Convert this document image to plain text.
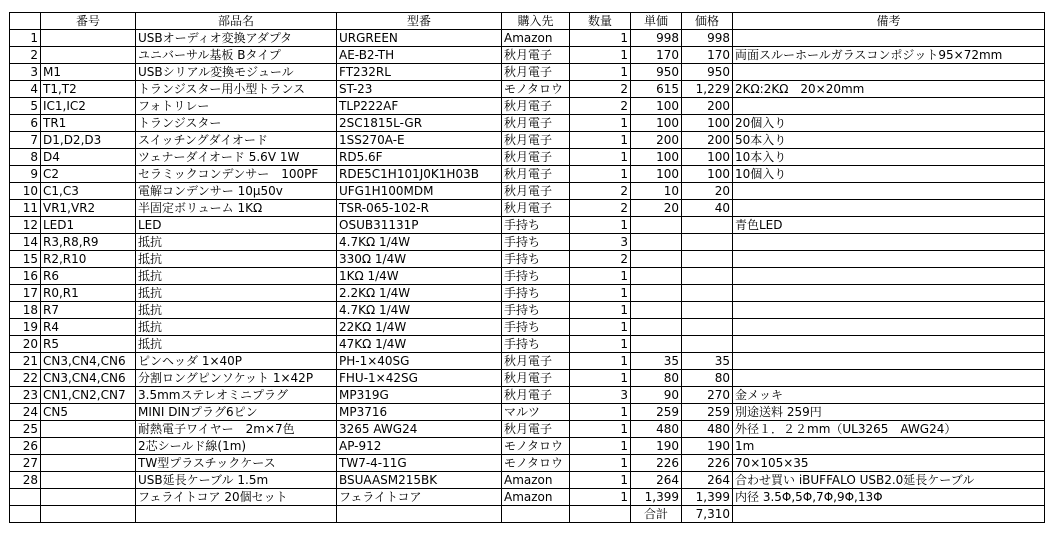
	番号	部品名	型番	購入先	数量	単価	価格	備考
1		USBオーディオ変換アダプタ	URGREEN	Amazon	1	998	998	
2		ユニバーサル基板 Bタイプ	AE-B2-TH	秋月電子	1	170	170	両面スルーホールガラスコンポジット95×72mm
3	M1	USBシリアル変換モジュール	FT232RL	秋月電子	1	950	950	
4	T1,T2	トランジスター用小型トランス	ST-23	モノタロウ	2	615	1,229	2KΩ:2KΩ　20×20mm
5	IC1,IC2	フォトリレー	TLP222AF	秋月電子	2	100	200	
6	TR1	トランジスター	2SC1815L-GR	秋月電子	1	100	100	20個入り
7	D1,D2,D3	スイッチングダイオード	1SS270A-E	秋月電子	1	200	200	50本入り
8	D4	ツェナーダイオード 5.6V 1W	RD5.6F	秋月電子	1	100	100	10本入り
9	C2	セラミックコンデンサー　100PF	RDE5C1H101J0K1H03B	秋月電子	1	100	100	10個入り
10	C1,C3	電解コンデンサー 10μ50v	UFG1H100MDM	秋月電子	2	10	20	
11	VR1,VR2	半固定ボリューム 1KΩ	TSR-065-102-R	秋月電子	2	20	40	
12	LED1	LED	OSUB31131P	手持ち	1			青色LED
14	R3,R8,R9	抵抗	4.7KΩ 1/4W	手持ち	3			
15	R2,R10	抵抗	330Ω 1/4W	手持ち	2			
16	R6	抵抗	1KΩ 1/4W	手持ち	1			
17	R0,R1	抵抗	2.2KΩ 1/4W	手持ち	1			
18	R7	抵抗	4.7KΩ 1/4W	手持ち	1			
19	R4	抵抗	22KΩ 1/4W	手持ち	1			
20	R5	抵抗	47KΩ 1/4W	手持ち	1			
21	CN3,CN4,CN6	ピンヘッダ 1×40P	PH-1×40SG	秋月電子	1	35	35	
22	CN3,CN4,CN6	分割ロングピンソケット 1×42P	FHU-1×42SG	秋月電子	1	80	80	
23	CN1,CN2,CN7	3.5mmステレオミニプラグ	MP319G	秋月電子	3	90	270	金メッキ
24	CN5	MINI DINプラグ6ピン	MP3716	マルツ	1	259	259	別途送料 259円
25		耐熱電子ワイヤー　2m×7色	3265 AWG24	秋月電子	1	480	480	外径１．２２mm（UL3265　AWG24）
26		2芯シールド線(1m)	AP-912	モノタロウ	1	190	190	1m
27		TW型プラスチックケース	TW7-4-11G	モノタロウ	1	226	226	70×105×35
28		USB延長ケーブル 1.5m	BSUAASM215BK	Amazon	1	264	264	合わせ買い iBUFFALO USB2.0延長ケーブル
		フェライトコア 20個セット	フェライトコア	Amazon	1	1,399	1,399	内径 3.5Φ,5Φ,7Φ,9Φ,13Φ
						合計	7,310	
